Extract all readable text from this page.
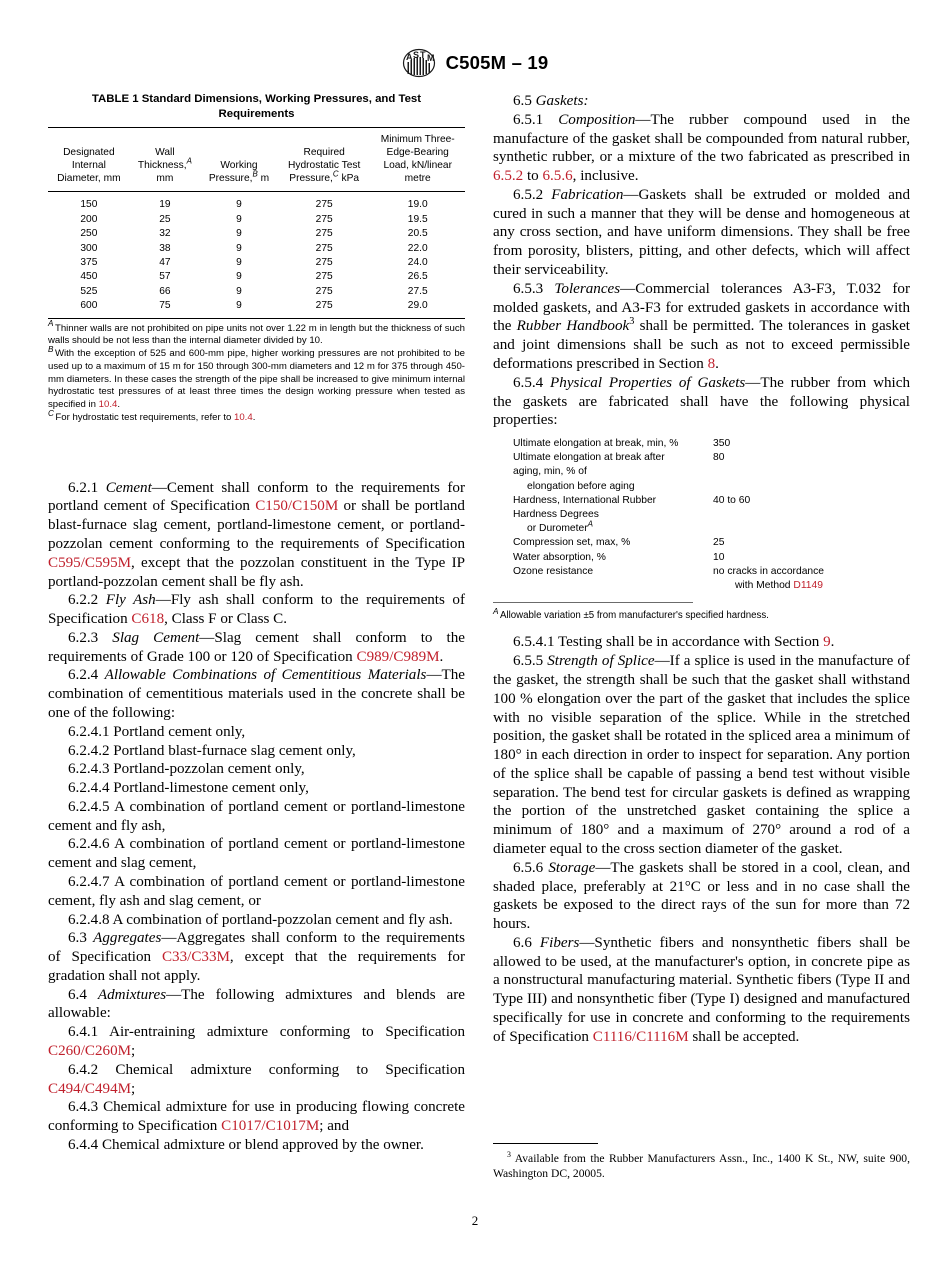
A S T M C505M – 19
TABLE 1 Standard Dimensions, Working Pressures, and Test Requirements
Designated
Internal
Diameter, mm	Wall
Thickness,$^A$
mm	Working
Pressure,$^B$ m	Required
Hydrostatic Test
Pressure,$^C$ kPa	Minimum Three-
Edge-Bearing
Load, kN/linear
metre
150	19	9	275	19.0
200	25	9	275	19.5
250	32	9	275	20.5
300	38	9	275	22.0
375	47	9	275	24.0
450	57	9	275	26.5
525	66	9	275	27.5
600	75	9	275	29.0

$^A$ Thinner walls are not prohibited on pipe units not over 1.22 m in length but the thickness of such walls should be not less than the internal diameter divided by 10.

$^B$ With the exception of 525 and 600-mm pipe, higher working pressures are not prohibited to be used up to a maximum of 15 m for 150 through 300-mm diameters and 12 m for 375 through 450-mm diameters. In these cases the strength of the pipe shall be increased to give minimum internal hydrostatic test pressures of at least three times the design working pressure when tested as specified in 10.4.

$^C$ For hydrostatic test requirements, refer to 10.4.

6.2.1 Cement—Cement shall conform to the requirements for portland cement of Specification C150/C150M or shall be portland blast-furnace slag cement, portland-limestone cement, or portland-pozzolan cement conforming to the requirements of Specification C595/C595M, except that the pozzolan constituent in the Type IP portland-pozzolan cement shall be fly ash.

6.2.2 Fly Ash—Fly ash shall conform to the requirements of Specification C618, Class F or Class C.

6.2.3 Slag Cement—Slag cement shall conform to the requirements of Grade 100 or 120 of Specification C989/C989M.

6.2.4 Allowable Combinations of Cementitious Materials—The combination of cementitious materials used in the concrete shall be one of the following:

6.2.4.1 Portland cement only,

6.2.4.2 Portland blast-furnace slag cement only,

6.2.4.3 Portland-pozzolan cement only,

6.2.4.4 Portland-limestone cement only,

6.2.4.5 A combination of portland cement or portland-limestone cement and fly ash,

6.2.4.6 A combination of portland cement or portland-limestone cement and slag cement,

6.2.4.7 A combination of portland cement or portland-limestone cement, fly ash and slag cement, or

6.2.4.8 A combination of portland-pozzolan cement and fly ash.

6.3 Aggregates—Aggregates shall conform to the requirements of Specification C33/C33M, except that the requirements for gradation shall not apply.

6.4 Admixtures—The following admixtures and blends are allowable:

6.4.1 Air-entraining admixture conforming to Specification C260/C260M;

6.4.2 Chemical admixture conforming to Specification C494/C494M;

6.4.3 Chemical admixture for use in producing flowing concrete conforming to Specification C1017/C1017M; and

6.4.4 Chemical admixture or blend approved by the owner.

6.5 Gaskets:

6.5.1 Composition—The rubber compound used in the manufacture of the gasket shall be compounded from natural rubber, synthetic rubber, or a mixture of the two fabricated as prescribed in 6.5.2 to 6.5.6, inclusive.

6.5.2 Fabrication—Gaskets shall be extruded or molded and cured in such a manner that they will be dense and homogeneous at any cross section, and have uniform dimensions. They shall be free from porosity, blisters, pitting, and other defects, which will affect their serviceability.

6.5.3 Tolerances—Commercial tolerances A3-F3, T.032 for molded gaskets, and A3-F3 for extruded gaskets in accordance with the Rubber Handbook$^3$ shall be permitted. The tolerances in gasket and joint dimensions shall be such as not to exceed permissible deformations prescribed in Section 8.

6.5.4 Physical Properties of Gaskets—The rubber from which the gaskets are fabricated shall have the following physical properties:

Ultimate elongation at break, min, %	350
Ultimate elongation at break after	80
aging, min, % of
elongation before aging
Hardness, International Rubber	40 to 60
Hardness Degrees
or Durometer$^A$
Compression set, max, %	25
Water absorption, %	10
Ozone resistance	no cracks in accordance
with Method D1149
$^A$ Allowable variation ±5 from manufacturer's specified hardness.

6.5.4.1 Testing shall be in accordance with Section 9.

6.5.5 Strength of Splice—If a splice is used in the manufacture of the gasket, the strength shall be such that the gasket shall withstand 100 % elongation over the part of the gasket that includes the splice with no visible separation of the splice. While in the stretched position, the gasket shall be rotated in the spliced area a minimum of 180° in each direction in order to inspect for separation. Any portion of the splice shall be capable of passing a bend test without visible separation. The bend test for circular gaskets is defined as wrapping the portion of the unstretched gasket containing the splice a minimum of 180° and a maximum of 270° around a rod of a diameter equal to the cross section diameter of the gasket.

6.5.6 Storage—The gaskets shall be stored in a cool, clean, and shaded place, preferably at 21°C or less and in no case shall the gaskets be exposed to the direct rays of the sun for more than 72 hours.

6.6 Fibers—Synthetic fibers and nonsynthetic fibers shall be allowed to be used, at the manufacturer's option, in concrete pipe as a nonstructural manufacturing material. Synthetic fibers (Type II and Type III) and nonsynthetic fiber (Type I) designed and manufactured specifically for use in concrete and conforming to the requirements of Specification C1116/C1116M shall be accepted.

$^3$ Available from the Rubber Manufacturers Assn., Inc., 1400 K St., NW, suite 900, Washington DC, 20005.

2
